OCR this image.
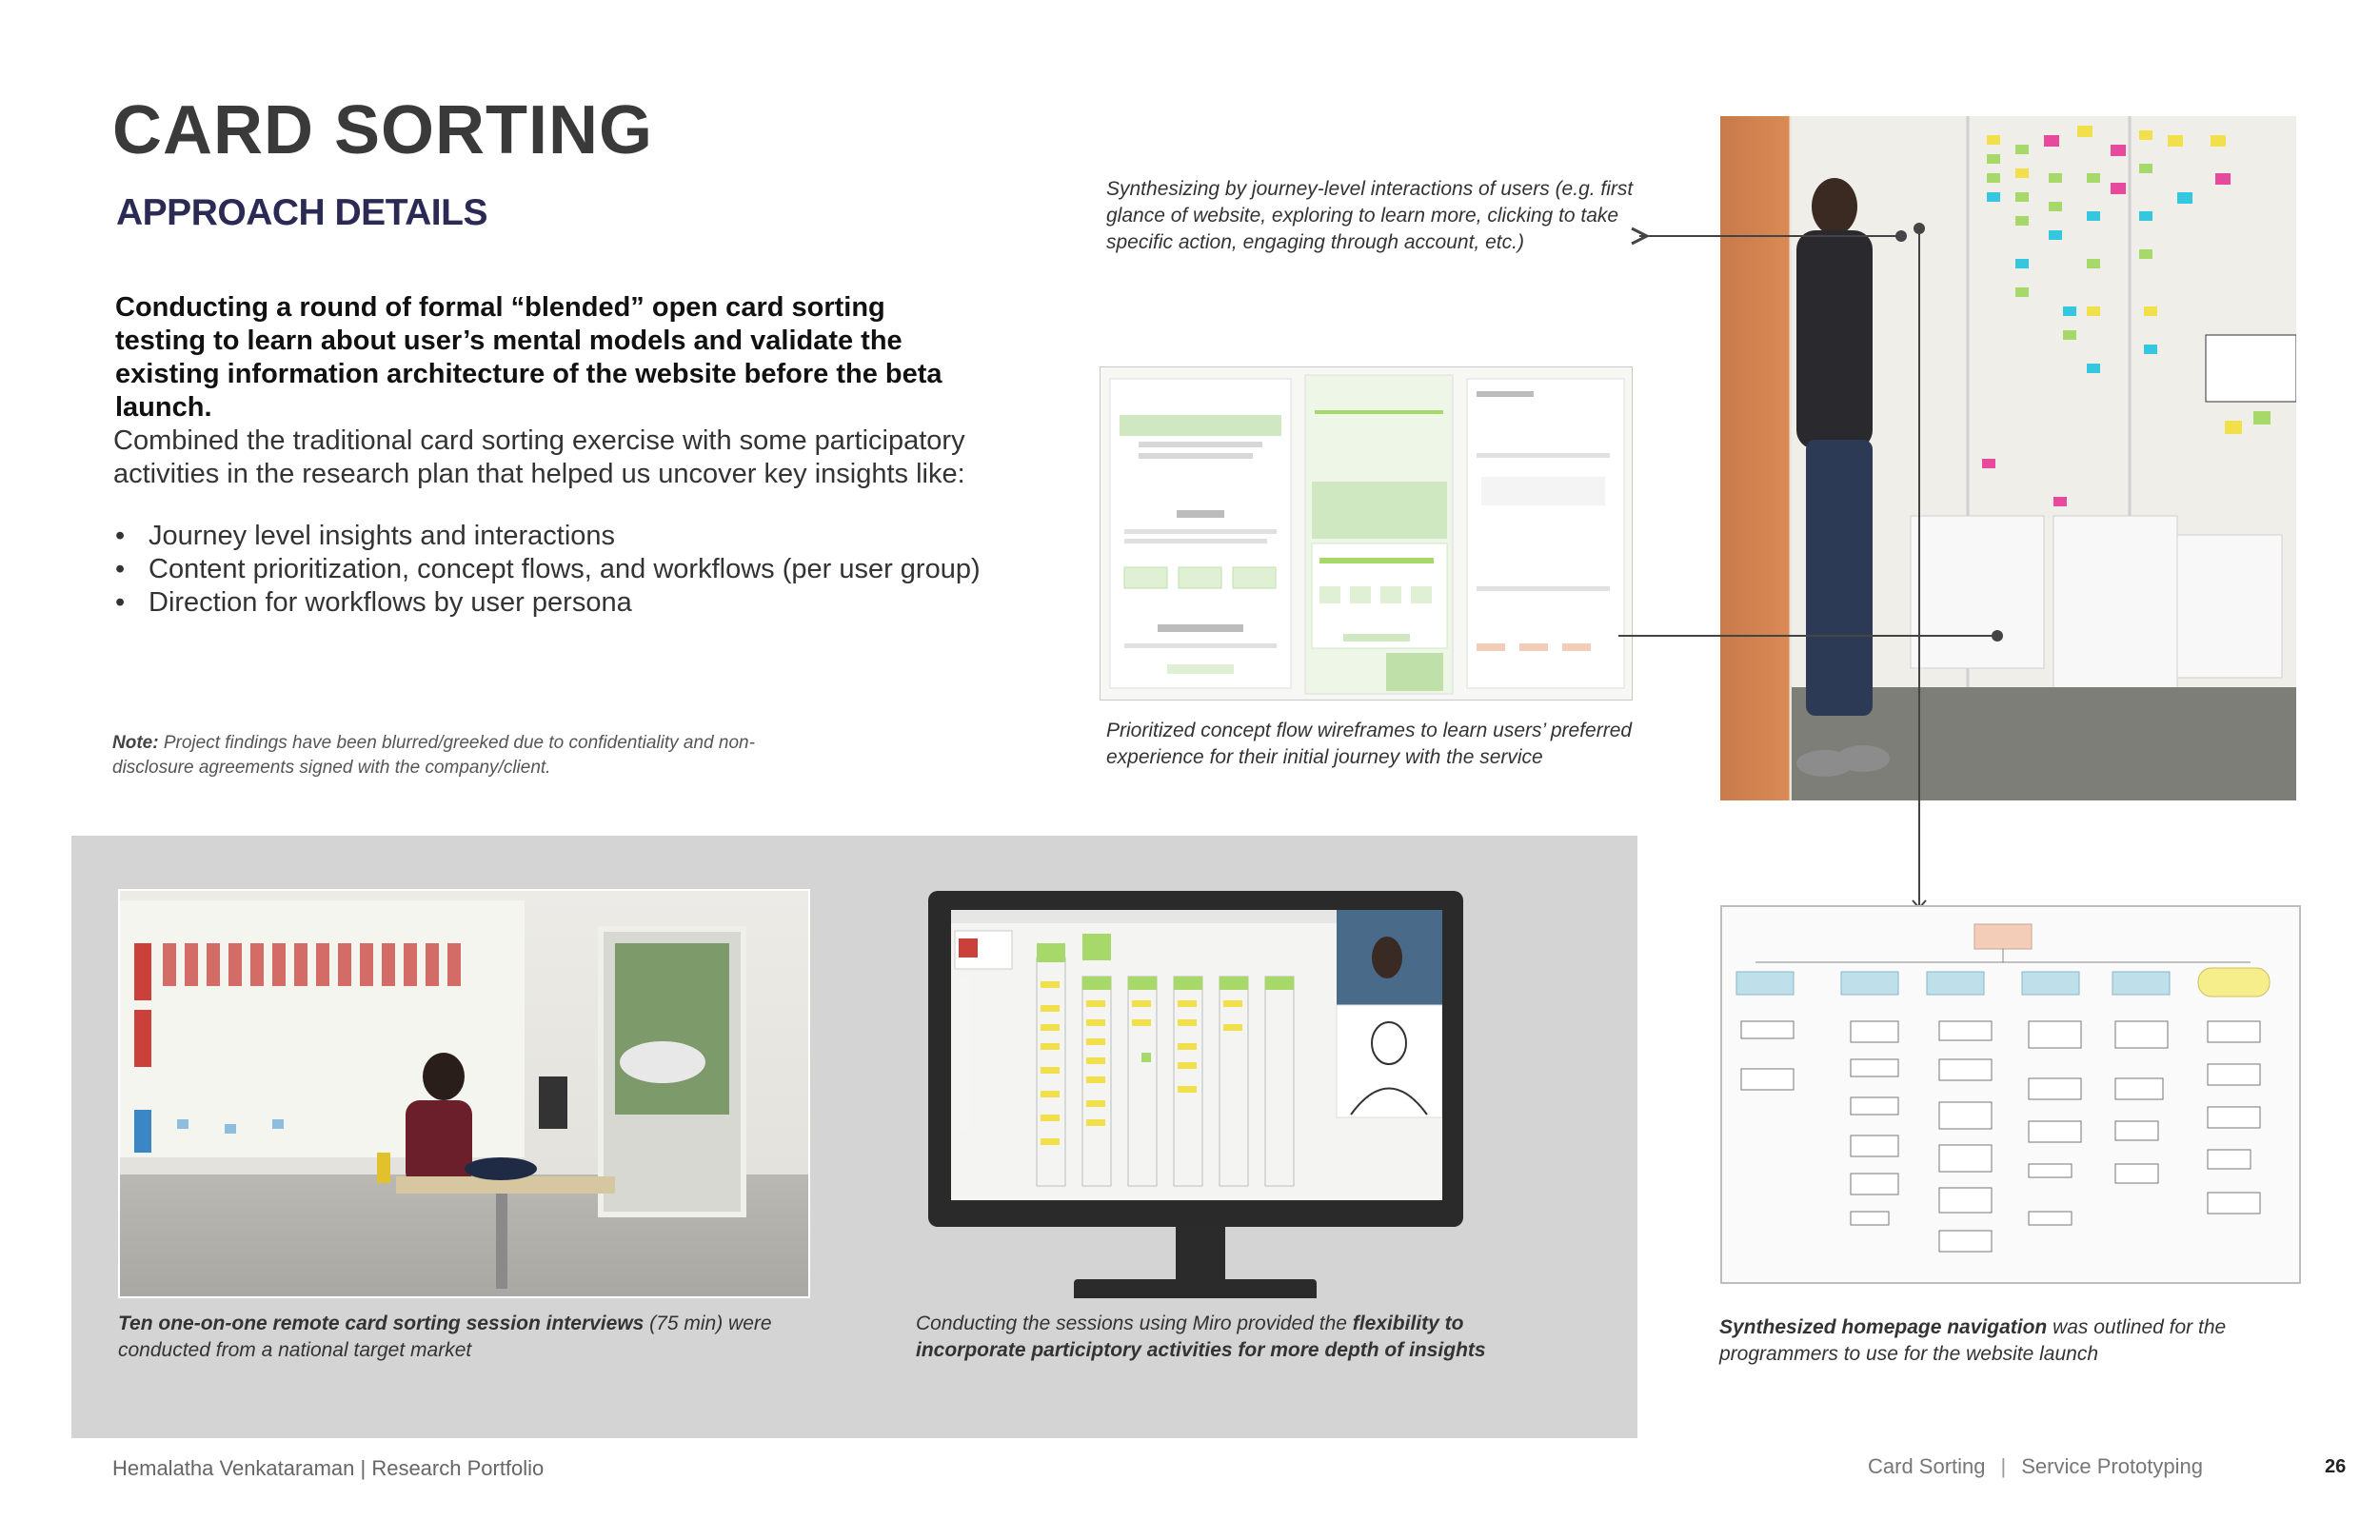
CARD SORTING
APPROACH DETAILS
Conducting a round of formal “blended” open card sorting testing to learn about user’s mental models and validate the existing information architecture of the website before the beta launch.
Combined the traditional card sorting exercise with some participatory activities in the research plan that helped us uncover key insights like:
• Journey level insights and interactions
• Content prioritization, concept flows, and workflows (per user group)
• Direction for workflows by user persona
Note: Project findings have been blurred/greeked due to confidentiality and non-disclosure agreements signed with the company/client.
Synthesizing by journey-level interactions of users (e.g. first glance of website, exploring to learn more, clicking to take specific action, engaging through account, etc.)
Prioritized concept flow wireframes to learn users’ preferred experience for their initial journey with the service
Ten one-on-one remote card sorting session interviews (75 min) were conducted from a national target market
Conducting the sessions using Miro provided the flexibility to incorporate participtory activities for more depth of insights
Synthesized homepage navigation was outlined for the programmers to use for the website launch
Hemalatha Venkataraman | Research Portfolio	Card Sorting | Service Prototyping	26
